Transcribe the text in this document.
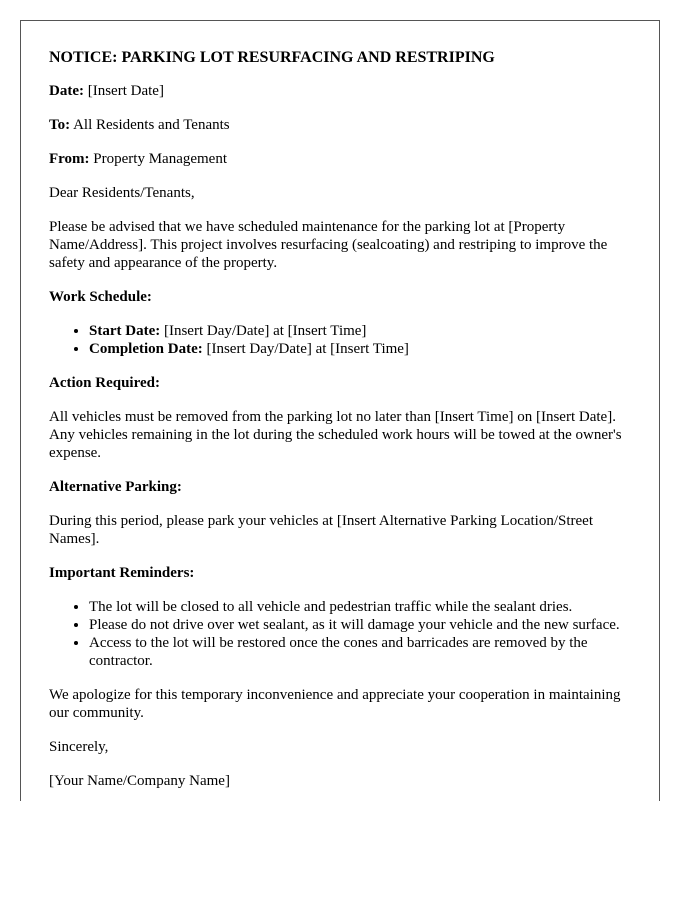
NOTICE: PARKING LOT RESURFACING AND RESTRIPING

Date: [Insert Date]

To: All Residents and Tenants

From: Property Management

Dear Residents/Tenants,

Please be advised that we have scheduled maintenance for the parking lot at [Property Name/Address]. This project involves resurfacing (sealcoating) and restriping to improve the safety and appearance of the property.

Work Schedule:
• Start Date: [Insert Day/Date] at [Insert Time]
• Completion Date: [Insert Day/Date] at [Insert Time]
Action Required:

All vehicles must be removed from the parking lot no later than [Insert Time] on [Insert Date]. Any vehicles remaining in the lot during the scheduled work hours will be towed at the owner's expense.

Alternative Parking:

During this period, please park your vehicles at [Insert Alternative Parking Location/Street Names].

Important Reminders:
• The lot will be closed to all vehicle and pedestrian traffic while the sealant dries.
• Please do not drive over wet sealant, as it will damage your vehicle and the new surface.
• Access to the lot will be restored once the cones and barricades are removed by the contractor.

We apologize for this temporary inconvenience and appreciate your cooperation in maintaining our community.

Sincerely,

[Your Name/Company Name]
